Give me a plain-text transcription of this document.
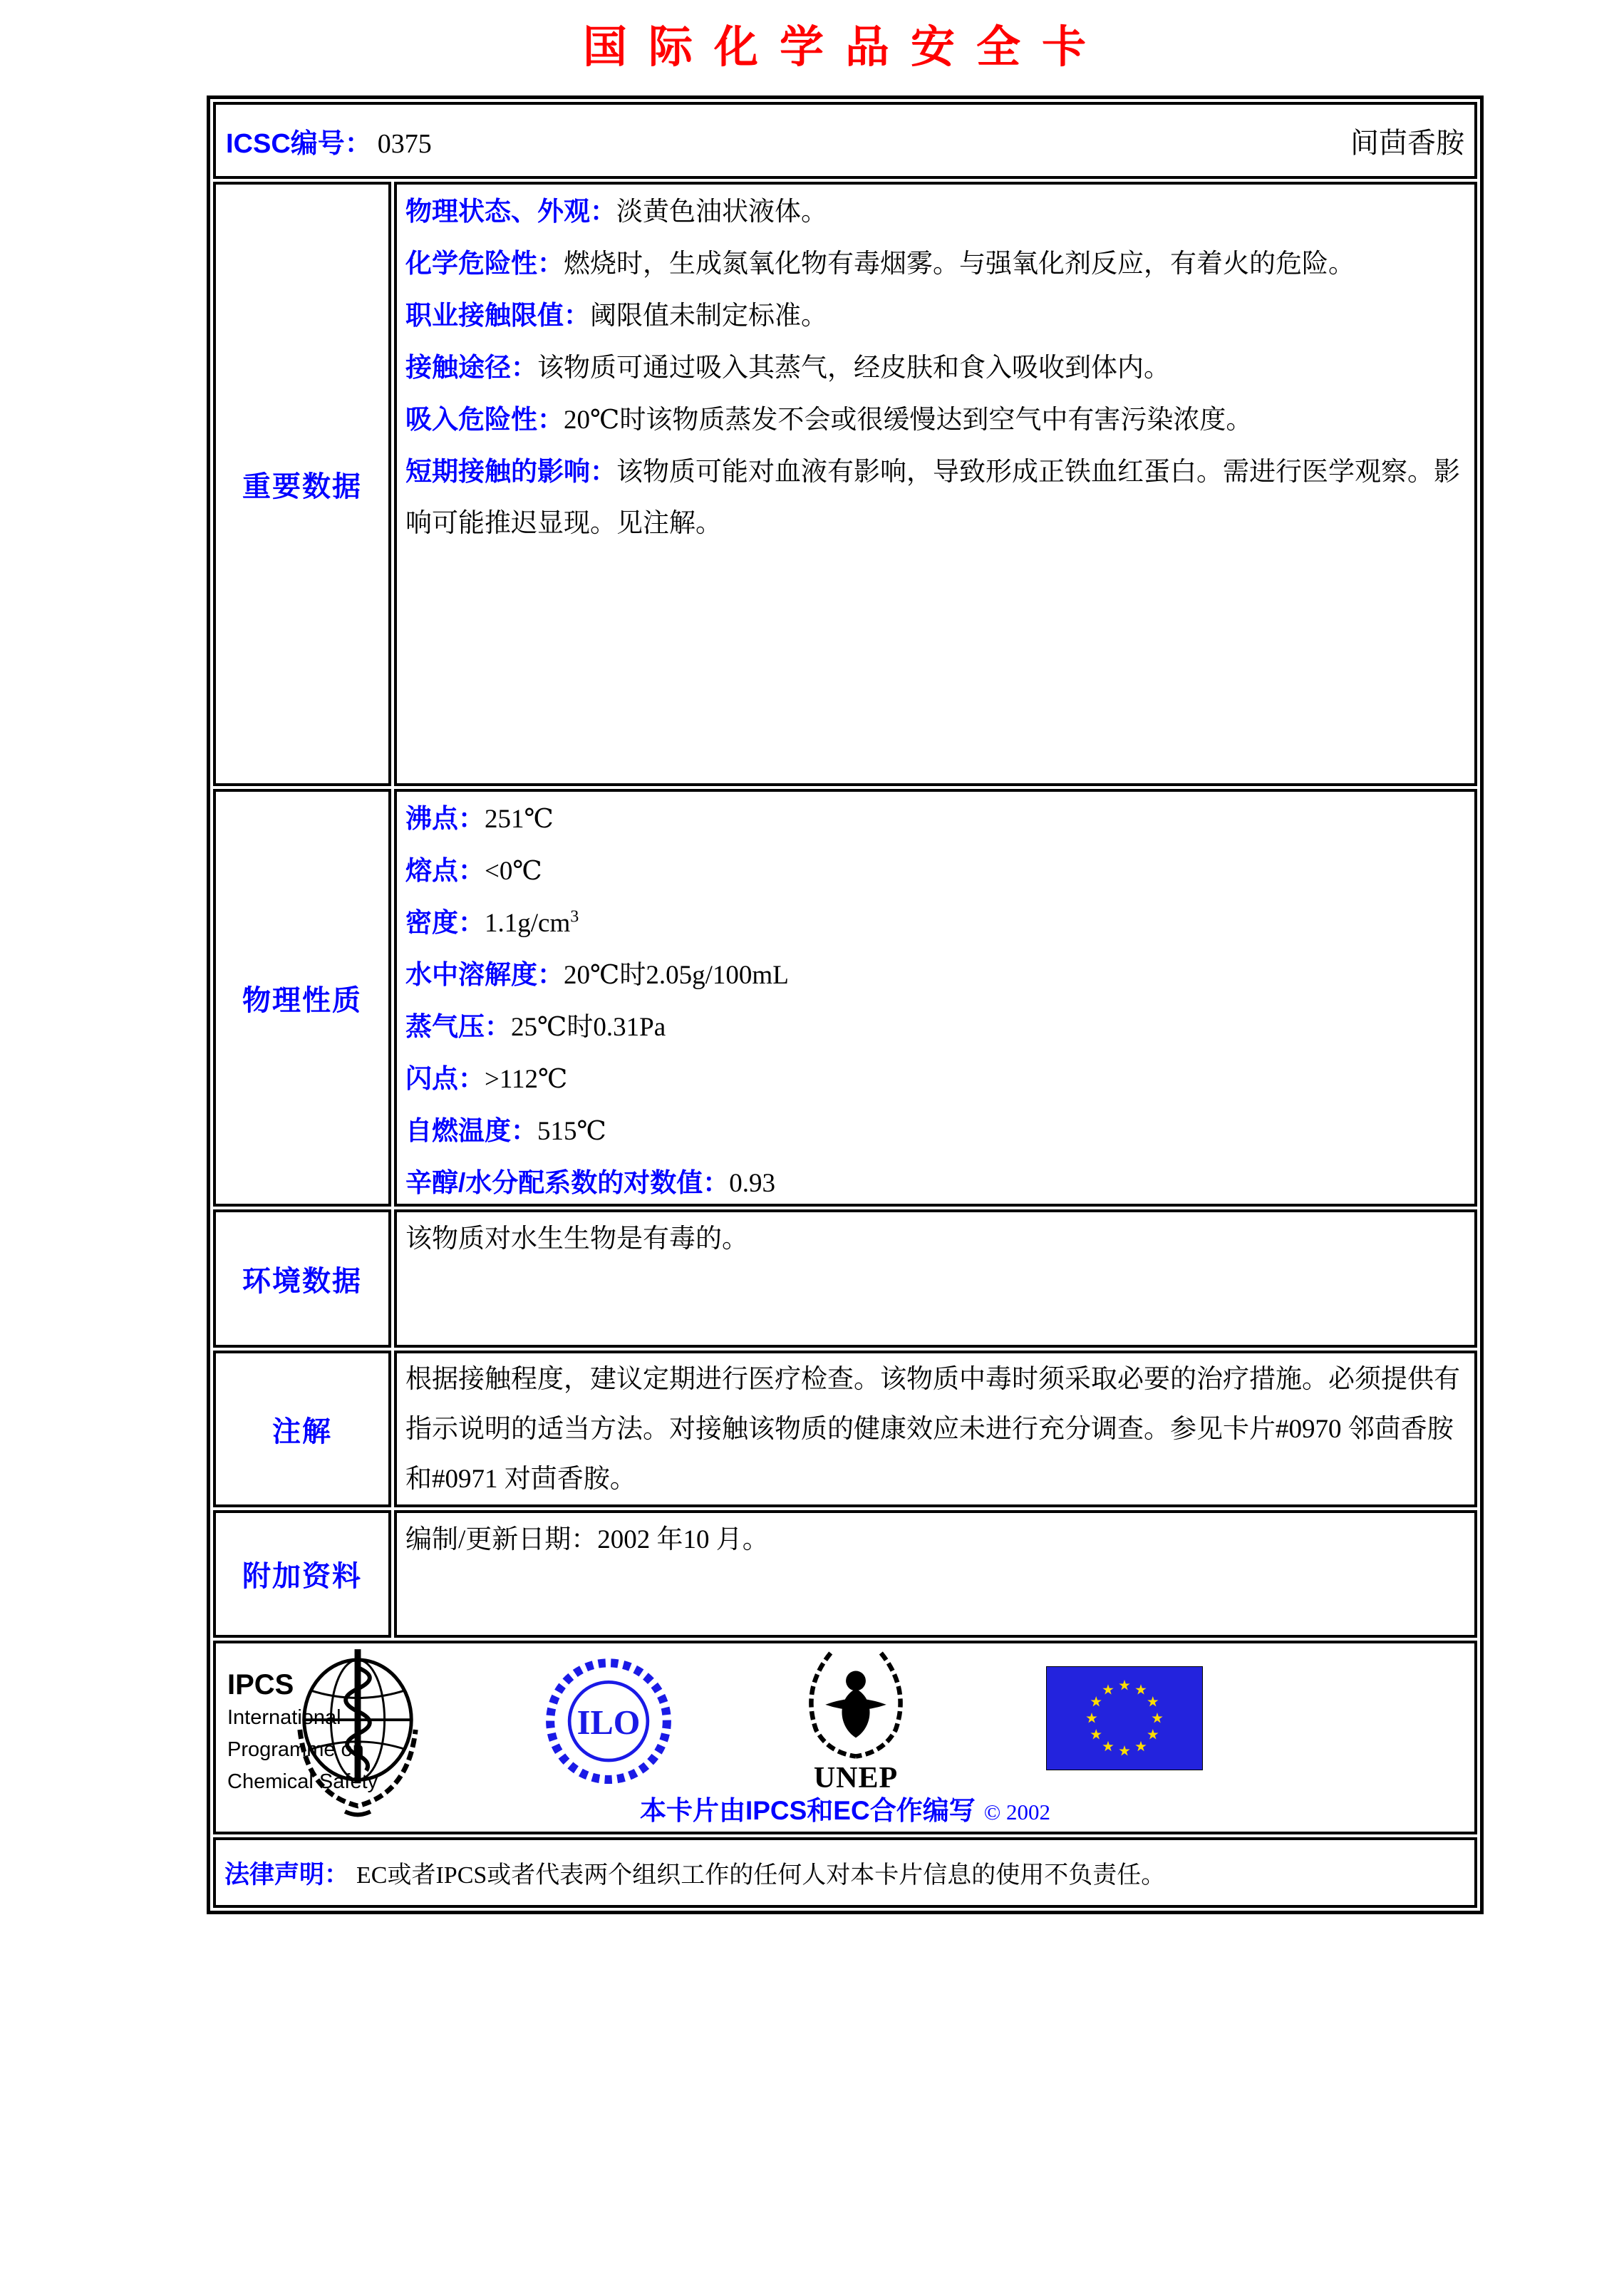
国际化学品安全卡
ICSC编号： 0375	间茴香胺
重要数据

物理状态、外观：淡黄色油状液体。

化学危险性：燃烧时，生成氮氧化物有毒烟雾。与强氧化剂反应，有着火的危险。

职业接触限值：阈限值未制定标准。

接触途径：该物质可通过吸入其蒸气，经皮肤和食入吸收到体内。

吸入危险性：20℃时该物质蒸发不会或很缓慢达到空气中有害污染浓度。

短期接触的影响：该物质可能对血液有影响，导致形成正铁血红蛋白。需进行医学观察。影响可能推迟显现。见注解。

物理性质
沸点：251℃
熔点：<0℃
密度：$1.1g/cm^3$
水中溶解度：20℃时2.05g/100mL
蒸气压：25℃时0.31Pa
闪点：>112℃
自燃温度：515℃
辛醇/水分配系数的对数值：0.93
环境数据
该物质对水生生物是有毒的。
注解
根据接触程度，建议定期进行医疗检查。该物质中毒时须采取必要的治疗措施。必须提供有指示说明的适当方法。对接触该物质的健康效应未进行充分调查。参见卡片#0970 邻茴香胺和#0971 对茴香胺。
附加资料
编制/更新日期：2002 年10 月。
IPCS
International
Programme on
Chemical Safety
ILO
UNEP
本卡片由IPCS和EC合作编写 © 2002
法律声明： EC或者IPCS或者代表两个组织工作的任何人对本卡片信息的使用不负责任。
